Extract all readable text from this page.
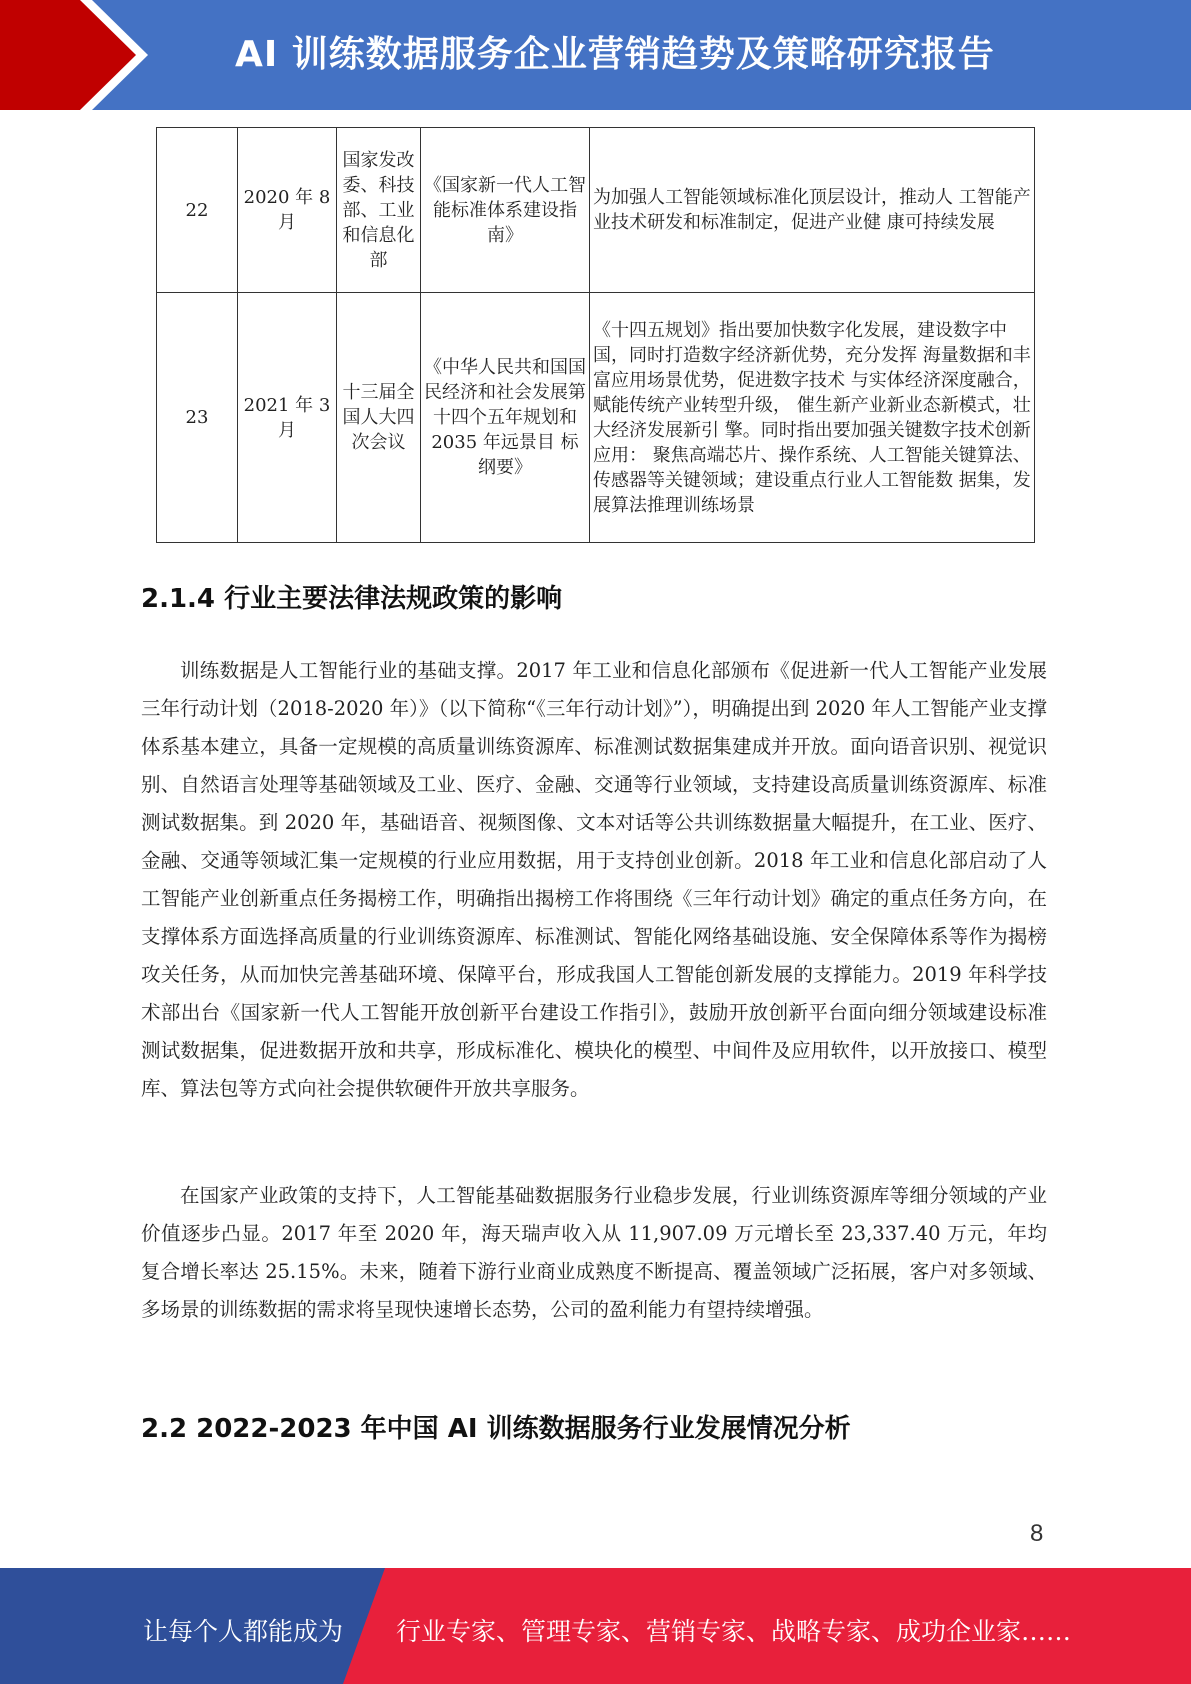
AI 训练数据服务企业营销趋势及策略研究报告
22	2020 年 8 月	国家发改委、科技部、工业和信息化部	《国家新一代人工智能标准体系建设指南》	为加强人工智能领域标准化顶层设计，推动人 工智能产业技术研发和标准制定，促进产业健 康可持续发展
23	2021 年 3 月	十三届全国人大四次会议	《中华人民共和国国民经济和社会发展第十四个五年规划和 2035 年远景目 标纲要》	《十四五规划》指出要加快数字化发展，建设数字中国，同时打造数字经济新优势，充分发挥 海量数据和丰富应用场景优势，促进数字技术 与实体经济深度融合，赋能传统产业转型升级， 催生新产业新业态新模式，壮大经济发展新引 擎。同时指出要加强关键数字技术创新应用： 聚焦高端芯片、操作系统、人工智能关键算法、 传感器等关键领域；建设重点行业人工智能数 据集，发展算法推理训练场景
2.1.4 行业主要法律法规政策的影响

训练数据是人工智能行业的基础支撑。2017 年工业和信息化部颁布《促进新一代人工智能产业发展三年行动计划（2018-2020 年）》（以下简称“《三年行动计划》”），明确提出到 2020 年人工智能产业支撑体系基本建立，具备一定规模的高质量训练资源库、标准测试数据集建成并开放。面向语音识别、视觉识别、自然语言处理等基础领域及工业、医疗、金融、交通等行业领域，支持建设高质量训练资源库、标准测试数据集。到 2020 年，基础语音、视频图像、文本对话等公共训练数据量大幅提升，在工业、医疗、金融、交通等领域汇集一定规模的行业应用数据，用于支持创业创新。2018 年工业和信息化部启动了人工智能产业创新重点任务揭榜工作，明确指出揭榜工作将围绕《三年行动计划》确定的重点任务方向，在支撑体系方面选择高质量的行业训练资源库、标准测试、智能化网络基础设施、安全保障体系等作为揭榜攻关任务，从而加快完善基础环境、保障平台，形成我国人工智能创新发展的支撑能力。2019 年科学技术部出台《国家新一代人工智能开放创新平台建设工作指引》，鼓励开放创新平台面向细分领域建设标准测试数据集，促进数据开放和共享，形成标准化、模块化的模型、中间件及应用软件，以开放接口、模型库、算法包等方式向社会提供软硬件开放共享服务。

在国家产业政策的支持下，人工智能基础数据服务行业稳步发展，行业训练资源库等细分领域的产业价值逐步凸显。2017 年至 2020 年，海天瑞声收入从 11,907.09 万元增长至 23,337.40 万元，年均复合增长率达 25.15%。未来，随着下游行业商业成熟度不断提高、覆盖领域广泛拓展，客户对多领域、多场景的训练数据的需求将呈现快速增长态势，公司的盈利能力有望持续增强。

2.2 2022-2023 年中国 AI 训练数据服务行业发展情况分析
8
让每个人都能成为 行业专家、管理专家、营销专家、战略专家、成功企业家……
